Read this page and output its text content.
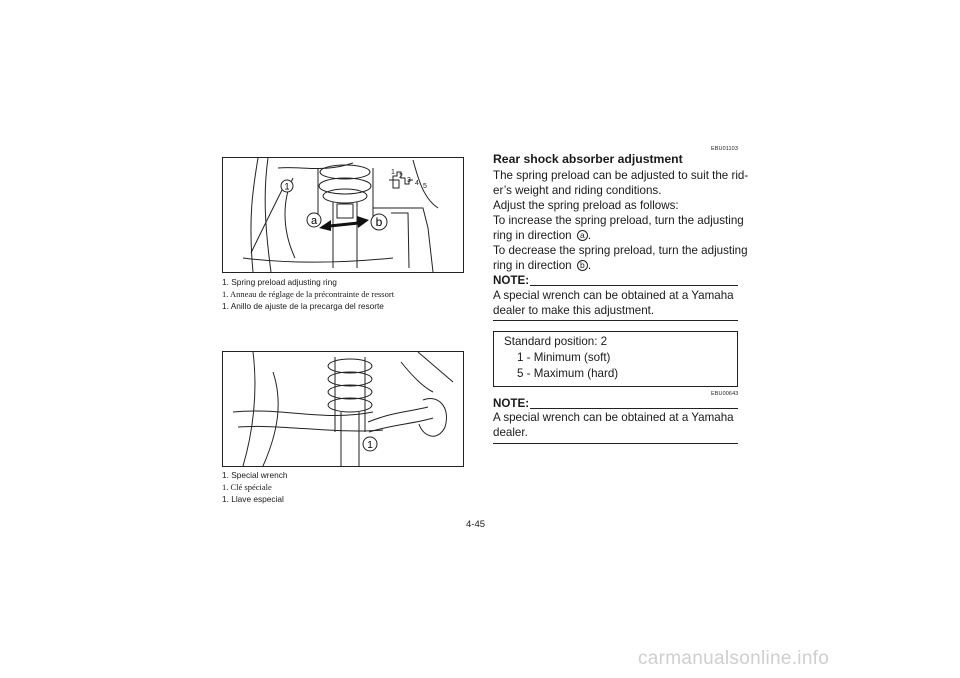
1
2
3 4 5
1
a	b
1. Spring preload adjusting ring
1. Anneau de réglage de la précontrainte de ressort
1. Anillo de ajuste de la precarga del resorte
1
1. Special wrench
1. Clé spéciale
1. Llave especial
EBU01103
Rear shock absorber adjustment
The spring preload can be adjusted to suit the rid-
er’s weight and riding conditions.
Adjust the spring preload as follows:
To increase the spring preload, turn the adjusting
ring in direction a .
To decrease the spring preload, turn the adjusting
ring in direction b .
NOTE:
A special wrench can be obtained at a Yamaha
dealer to make this adjustment.
Standard position: 2
1 - Minimum (soft)
5 - Maximum (hard)
EBU00643
NOTE:
A special wrench can be obtained at a Yamaha
dealer.
4-45
carmanualsonline.info
